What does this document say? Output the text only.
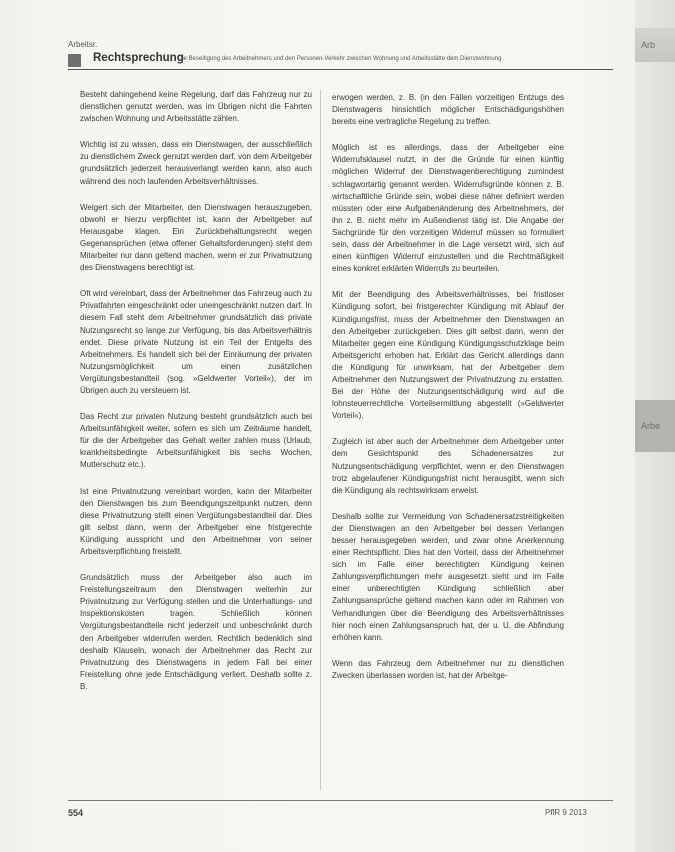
Arb
Arbe
Arbeitsr.
Rechtsprechung
Die Beseitigung des Arbeitnehmers und den Personen-Verkehr zwischen Wohnung und Arbeitsstätte dem Dienstwohnung

Besteht dahingehend keine Regelung, darf das Fahrzeug nur zu dienstlichen genutzt werden, was im Übrigen nicht die Fahrten zwischen Wohnung und Arbeitsstätte zählen.

Wichtig ist zu wissen, dass ein Dienstwagen, der ausschließlich zu dienstlichem Zweck genutzt werden darf, von dem Arbeitgeber grundsätzlich jederzeit herausverlangt werden kann, also auch während des noch laufenden Arbeitsverhältnisses.

Weigert sich der Mitarbeiter, den Dienstwagen herauszugeben, obwohl er hierzu verpflichtet ist, kann der Arbeitgeber auf Herausgabe klagen. Ein Zurückbehaltungsrecht wegen Gegenansprüchen (etwa offener Gehaltsforderungen) steht dem Mitarbeiter nur dann geltend machen, wenn er zur Privatnutzung des Dienstwagens berechtigt ist.

Oft wird vereinbart, dass der Arbeitnehmer das Fahrzeug auch zu Privatfahrten eingeschränkt oder uneingeschränkt nutzen darf. In diesem Fall steht dem Arbeitnehmer grundsätzlich das private Nutzungsrecht so lange zur Verfügung, bis das Arbeitsverhältnis endet. Diese private Nutzung ist ein Teil der Entgelts des Arbeitnehmers. Es handelt sich bei der Einräumung der privaten Nutzungsmöglichkeit um einen zusätzlichen Vergütungsbestandteil (sog. »Geldwerter Vorteil«), der im Übrigen auch zu versteuern ist.

Das Recht zur privaten Nutzung besteht grundsätzlich auch bei Arbeitsunfähigkeit weiter, sofern es sich um Zeiträume handelt, für die der Arbeitgeber das Gehalt weiter zahlen muss (Urlaub, krankheitsbedingte Arbeitsunfähigkeit bis sechs Wochen, Mutterschutz etc.).

Ist eine Privatnutzung vereinbart worden, kann der Mitarbeiter den Dienstwagen bis zum Beendigungszeitpunkt nutzen, denn diese Privatnutzung stellt einen Vergütungsbestandteil dar. Dies gilt selbst dann, wenn der Arbeitgeber eine fristgerechte Kündigung ausspricht und den Arbeitnehmer von seiner Arbeitsverpflichtung freistellt.

Grundsätzlich muss der Arbeitgeber also auch im Freistellungszeitraum den Dienstwagen weiterhin zur Privatnutzung zur Verfügung stellen und die Unterhaltungs- und Inspektionskosten tragen. Schließlich können Vergütungsbestandteile nicht jederzeit und unbeschränkt durch den Arbeitgeber widerrufen werden. Rechtlich bedenklich sind deshalb Klauseln, wonach der Arbeitnehmer das Recht zur Privatnutzung des Dienstwagens in jedem Fall bei einer Freistellung ohne jede Entschädigung verliert. Deshalb sollte z. B.

erwogen werden, z. B. (in den Fällen vorzeitigen Entzugs des Dienstwagens hinsichtlich möglicher Entschädigungshöhen bereits eine vertragliche Regelung zu treffen.

Möglich ist es allerdings, dass der Arbeitgeber eine Widerrufsklausel nutzt, in der die Gründe für einen künftig möglichen Widerruf der Dienstwagenberechtigung zumindest schlagwortartig genannt werden. Widerrufsgründe können z. B. wirtschaftliche Gründe sein, wobei diese näher definiert werden müssten oder eine Aufgabenänderung des Arbeitnehmers, der ihn z. B. nicht mehr im Außendienst tätig ist. Die Angabe der Sachgründe für den vorzeitigen Widerruf müssen so formuliert sein, dass der Arbeitnehmer in die Lage versetzt wird, sich auf einen künftigen Widerruf einzustellen und die Rechtmäßigkeit eines konkret erklärten Widerrufs zu beurteilen.

Mit der Beendigung des Arbeitsverhältnisses, bei fristloser Kündigung sofort, bei fristgerechter Kündigung mit Ablauf der Kündigungsfrist, muss der Arbeitnehmer den Dienstwagen an den Arbeitgeber zurückgeben. Dies gilt selbst dann, wenn der Mitarbeiter gegen eine Kündigung Kündigungsschutzklage beim Arbeitsgericht erhoben hat. Erklärt das Gericht allerdings dann die Kündigung für unwirksam, hat der Arbeitgeber dem Arbeitnehmer den Nutzungswert der Privatnutzung zu erstatten. Bei der Höhe der Nutzungsentschädigung wird auf die lohnsteuerrechtliche Vorteilsermittlung abgestellt (»Geldwerter Vorteil«).

Zugleich ist aber auch der Arbeitnehmer dem Arbeitgeber unter dem Gesichtspunkt des Schadenersatzes zur Nutzungsentschädigung verpflichtet, wenn er den Dienstwagen trotz abgelaufener Kündigungsfrist nicht herausgibt, wenn sich die Kündigung als rechtswirksam erweist.

Deshalb sollte zur Vermeidung von Schadenersatzstreitigkeiten der Dienstwagen an den Arbeitgeber bei dessen Verlangen besser herausgegeben werden, und zwar ohne Anerkennung einer Rechtspflicht. Dies hat den Vorteil, dass der Arbeitnehmer sich im Falle einer berechtigten Kündigung keinen Zahlungsverpflichtungen mehr ausgesetzt sieht und im Falle einer unberechtigten Kündigung schließlich aber Zahlungsansprüche geltend machen kann oder im Rahmen von Verhandlungen über die Beendigung des Arbeitsverhältnisses hier noch einen Zahlungsanspruch hat, der u. U. die Abfindung erhöhen kann.

Wenn das Fahrzeug dem Arbeitnehmer nur zu dienstlichen Zwecken überlassen worden ist, hat der Arbeitge-

554	PflR 9 2013
